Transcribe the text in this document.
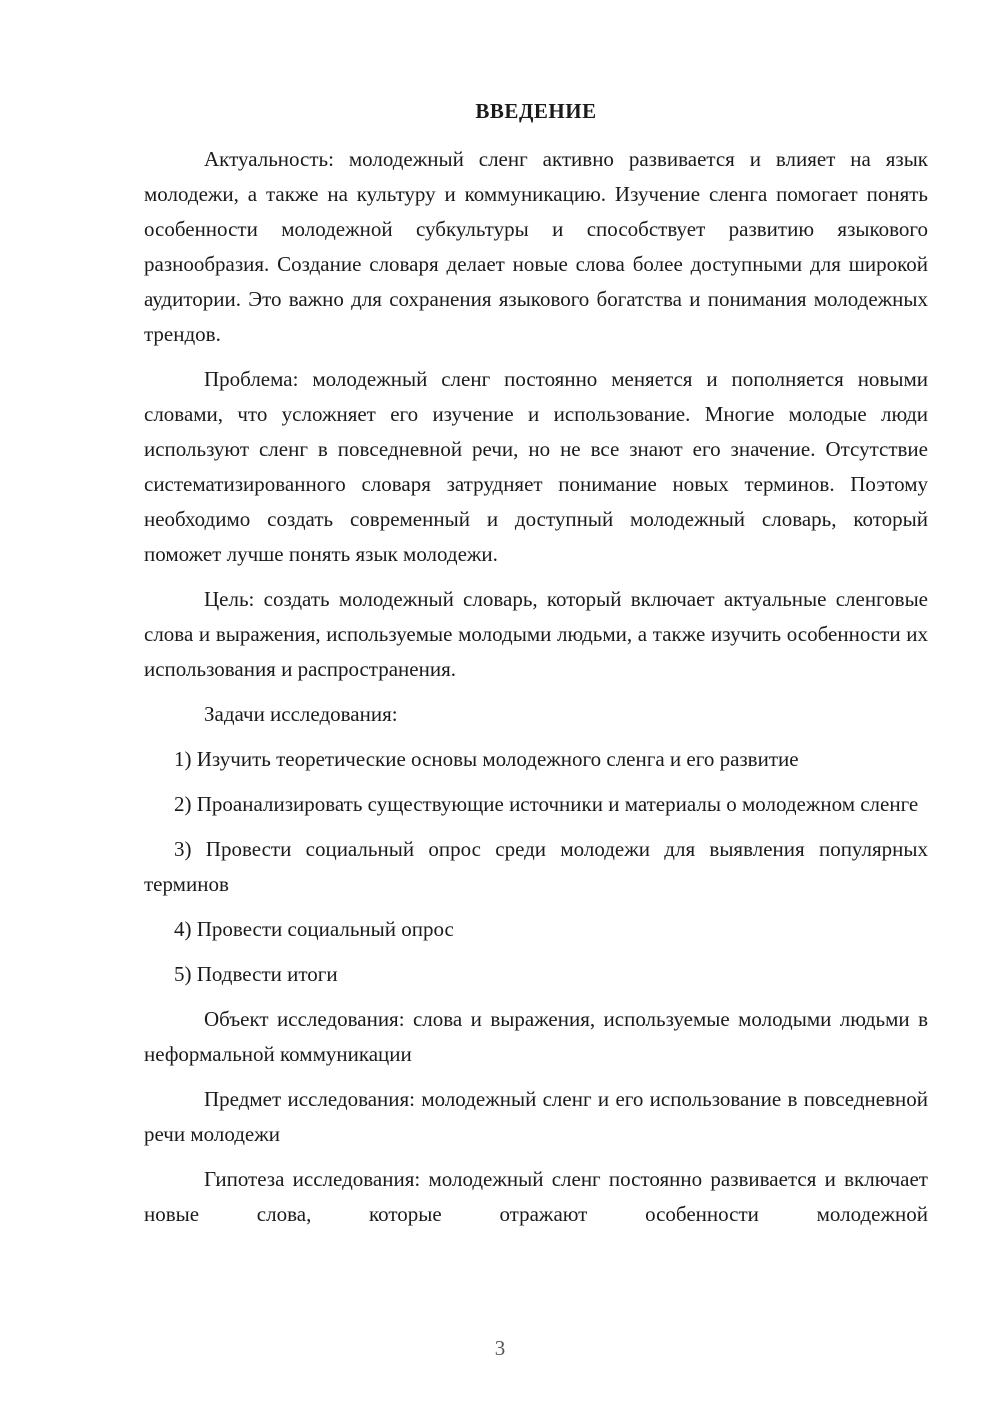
ВВЕДЕНИЕ

Актуальность: молодежный сленг активно развивается и влияет на язык молодежи, а также на культуру и коммуникацию. Изучение сленга помогает понять особенности молодежной субкультуры и способствует развитию языкового разнообразия. Создание словаря делает новые слова более доступными для широкой аудитории. Это важно для сохранения языкового богатства и понимания молодежных трендов.

Проблема: молодежный сленг постоянно меняется и пополняется новыми словами, что усложняет его изучение и использование. Многие молодые люди используют сленг в повседневной речи, но не все знают его значение. Отсутствие систематизированного словаря затрудняет понимание новых терминов. Поэтому необходимо создать современный и доступный молодежный словарь, который поможет лучше понять язык молодежи.

Цель: создать молодежный словарь, который включает актуальные сленговые слова и выражения, используемые молодыми людьми, а также изучить особенности их использования и распространения.

Задачи исследования:

1) Изучить теоретические основы молодежного сленга и его развитие

2) Проанализировать существующие источники и материалы о молодежном сленге

3) Провести социальный опрос среди молодежи для выявления популярных терминов

4) Провести социальный опрос

5) Подвести итоги

Объект исследования: слова и выражения, используемые молодыми людьми в неформальной коммуникации

Предмет исследования: молодежный сленг и его использование в повседневной речи молодежи

Гипотеза исследования: молодежный сленг постоянно развивается и включает новые слова, которые отражают особенности молодежной

3
